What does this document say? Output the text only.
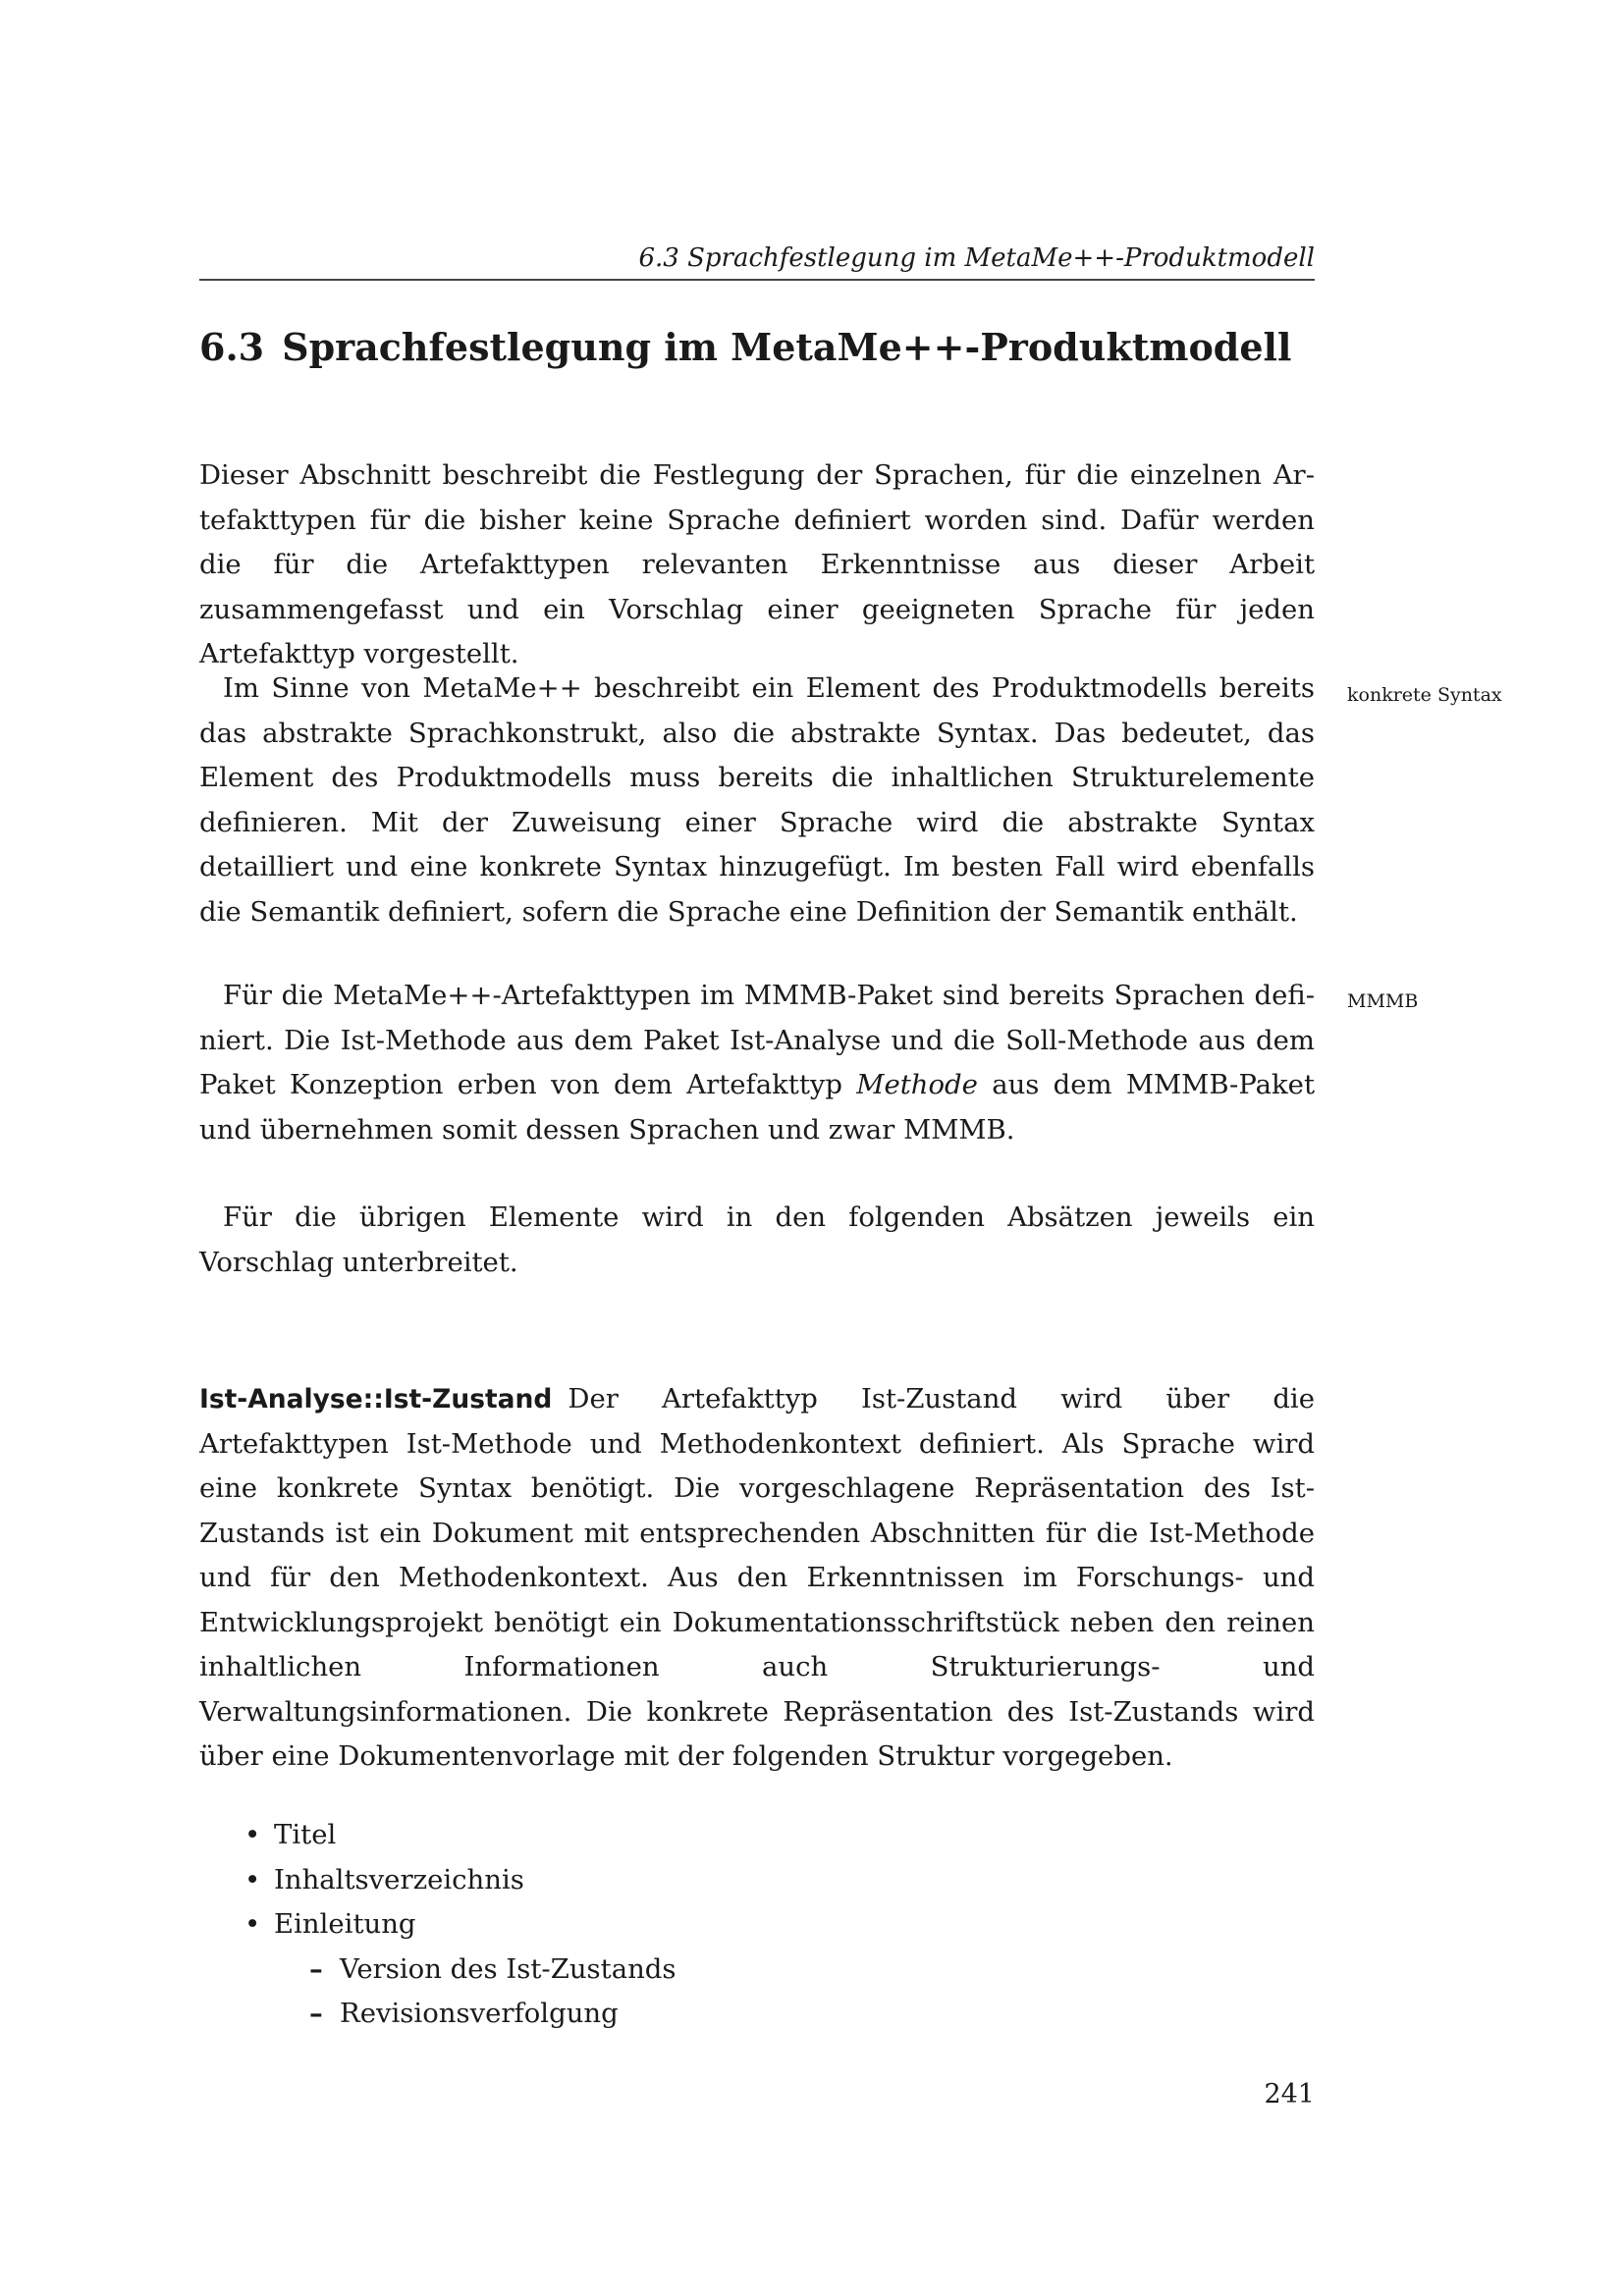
6.3 Sprachfestlegung im MetaMe++-Produktmodell
6.3 Sprachfestlegung im MetaMe++-Produktmodell

Dieser Abschnitt beschreibt die Festlegung der Sprachen, für die einzelnen Artefakttypen für die bisher keine Sprache definiert worden sind. Dafür werden die für die Artefakttypen relevanten Erkenntnisse aus dieser Arbeit zusammengefasst und ein Vorschlag einer geeigneten Sprache für jeden Artefakttyp vorgestellt.

Im Sinne von MetaMe++ beschreibt ein Element des Produktmodells bereits das abstrakte Sprachkonstrukt, also die abstrakte Syntax. Das bedeutet, das Element des Produktmodells muss bereits die inhaltlichen Strukturelemente definieren. Mit der Zuweisung einer Sprache wird die abstrakte Syntax detailliert und eine konkrete Syntax hinzugefügt. Im besten Fall wird ebenfalls die Semantik definiert, sofern die Sprache eine Definition der Semantik enthält.

konkrete Syntax

Für die MetaMe++-Artefakttypen im MMMB-Paket sind bereits Sprachen definiert. Die Ist-Methode aus dem Paket Ist-Analyse und die Soll-Methode aus dem Paket Konzeption erben von dem Artefakttyp Methode aus dem MMMB-Paket und übernehmen somit dessen Sprachen und zwar MMMB.

MMMB

Für die übrigen Elemente wird in den folgenden Absätzen jeweils ein Vorschlag unterbreitet.

Ist-Analyse::Ist-Zustand Der Artefakttyp Ist-Zustand wird über die Artefakttypen Ist-Methode und Methodenkontext definiert. Als Sprache wird eine konkrete Syntax benötigt. Die vorgeschlagene Repräsentation des Ist-Zustands ist ein Dokument mit entsprechenden Abschnitten für die Ist-Methode und für den Methodenkontext. Aus den Erkenntnissen im Forschungs- und Entwicklungsprojekt benötigt ein Dokumentationsschriftstück neben den reinen inhaltlichen Informationen auch Strukturierungs- und Verwaltungsinformationen. Die konkrete Repräsentation des Ist-Zustands wird über eine Dokumentenvorlage mit der folgenden Struktur vorgegeben.

• Titel
• Inhaltsverzeichnis
• Einleitung
– Version des Ist-Zustands
– Revisionsverfolgung
241
